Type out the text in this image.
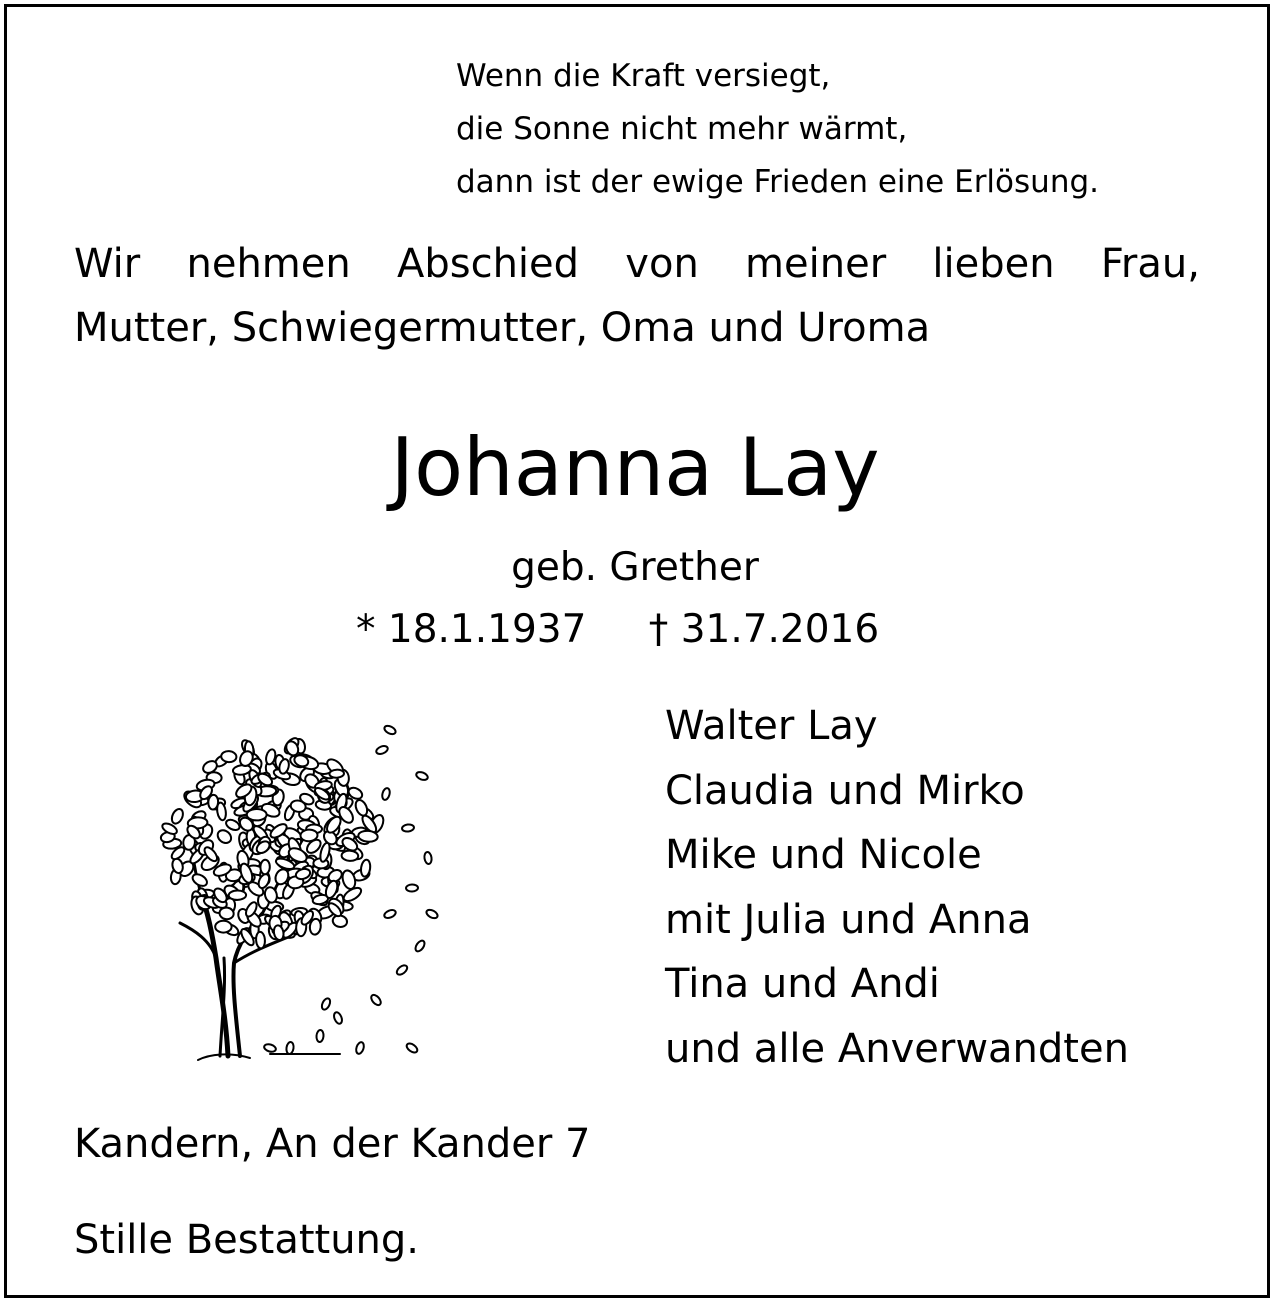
Wenn die Kraft versiegt,
die Sonne nicht mehr wärmt,
dann ist der ewige Frieden eine Erlösung.
Wir nehmen Abschied von meiner lieben Frau,
Mutter, Schwiegermutter, Oma und Uroma
Johanna Lay
geb. Grether
* 18.1.1937 † 31.7.2016
Walter Lay
Claudia und Mirko
Mike und Nicole
mit Julia und Anna
Tina und Andi
und alle Anverwandten
Kandern, An der Kander 7
Stille Bestattung.
